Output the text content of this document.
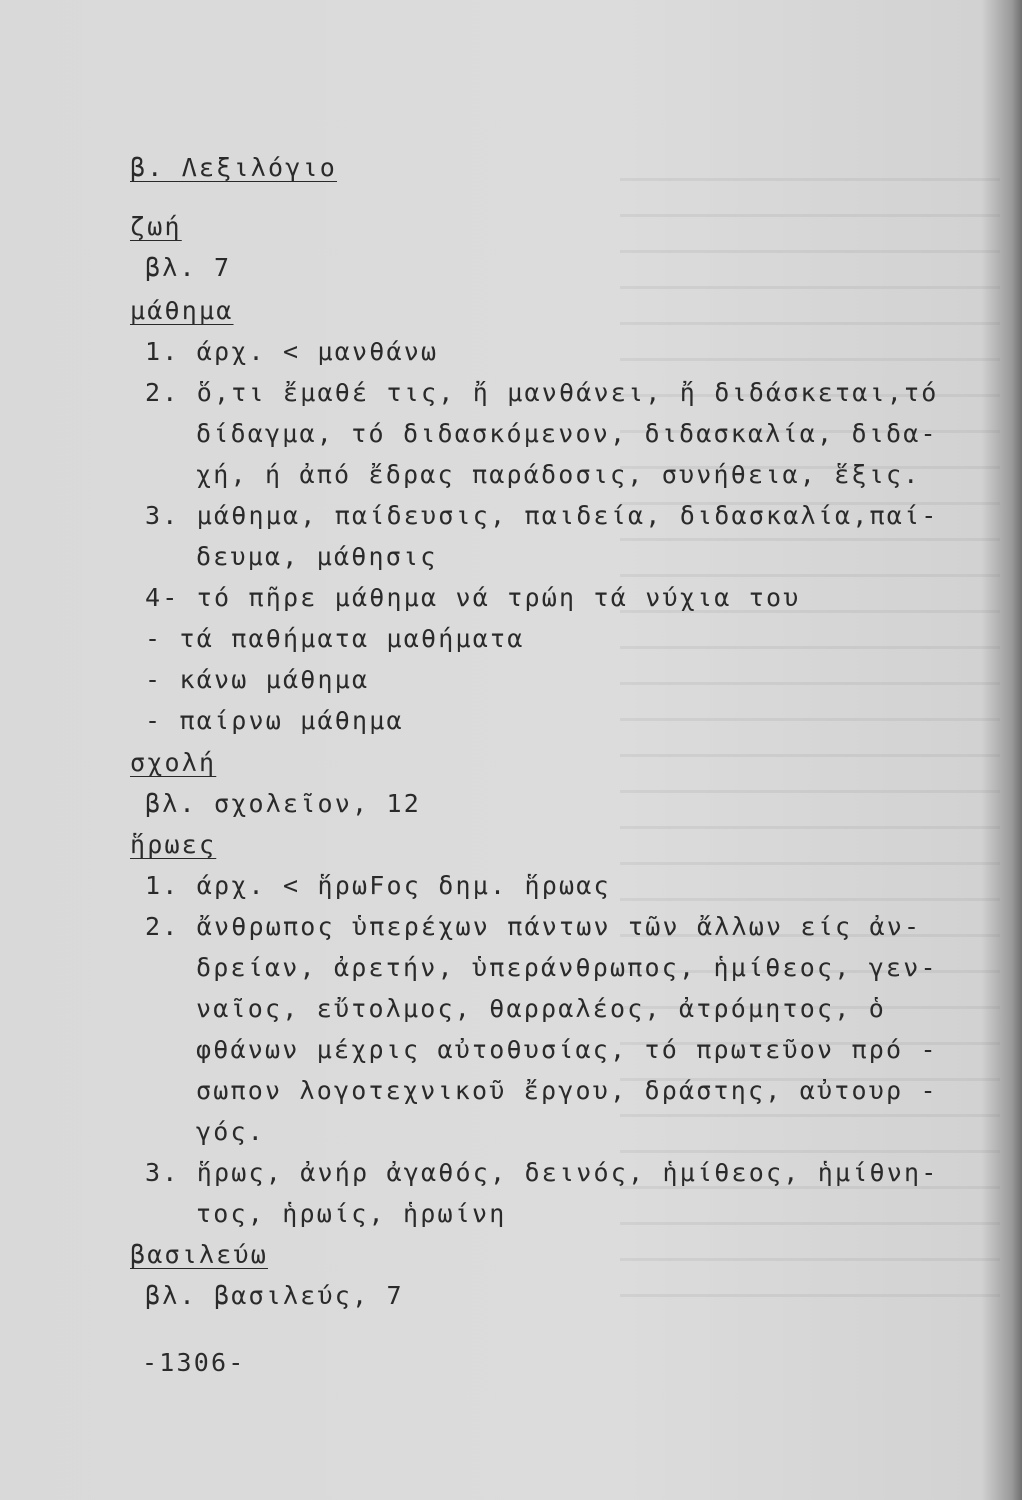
β. Λεξιλόγιο
ζωή
βλ. 7
μάθημα
1. άρχ. < μανθάνω
2. ὅ,τι ἔμαθέ τις, ἤ μανθάνει, ἤ διδάσκεται,τό
δίδαγμα, τό διδασκόμενον, διδασκαλία, διδα-
χή, ή ἀπό ἔδρας παράδοσις, συνήθεια, ἕξις.
3. μάθημα, παίδευσις, παιδεία, διδασκαλία,παί-
δευμα, μάθησις
4- τό πῆρε μάθημα νά τρώη τά νύχια του
- τά παθήματα μαθήματα
- κάνω μάθημα
- παίρνω μάθημα
σχολή
βλ. σχολεῖον, 12
ἥρωες
1. άρχ. < ἥρωϜος δημ. ἥρωας
2. ἄνθρωπος ὑπερέχων πάντων τῶν ἄλλων είς ἀν-
δρείαν, ἀρετήν, ὑπεράνθρωπος, ἡμίθεος, γεν-
ναῖος, εὔτολμος, θαρραλέος, ἀτρόμητος, ὁ
φθάνων μέχρις αὐτοθυσίας, τό πρωτεῦον πρό -
σωπον λογοτεχνικοῦ ἔργου, δράστης, αὐτουρ -
γός.
3. ἥρως, ἀνήρ ἀγαθός, δεινός, ἡμίθεος, ἡμίθνη-
τος, ἡρωίς, ἡρωίνη
βασιλεύω
βλ. βασιλεύς, 7
-1306-
